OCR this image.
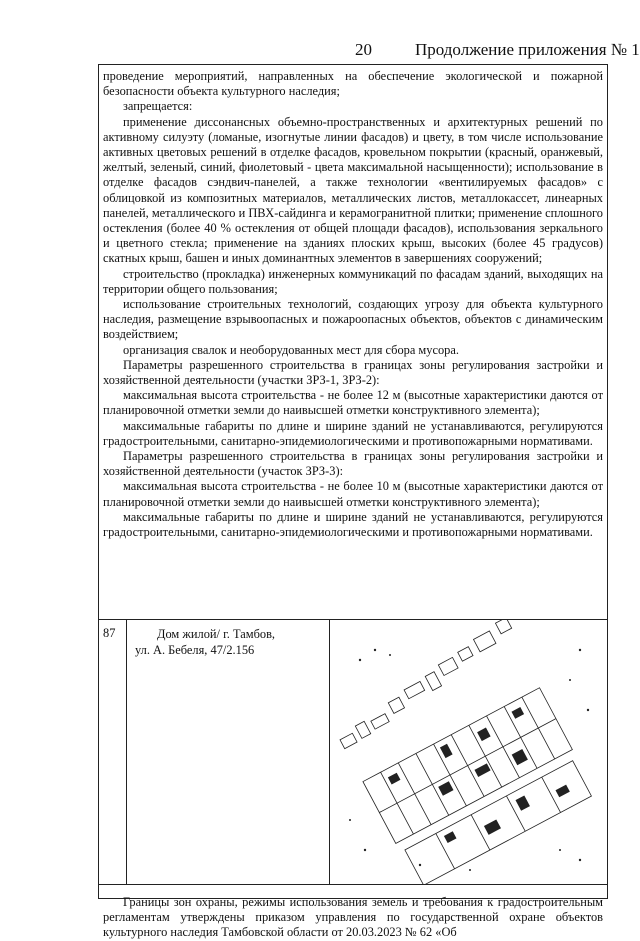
20	Продолжение приложения № 1

проведение мероприятий, направленных на обеспечение экологической и пожарной безопасности объекта культурного наследия;

запрещается:

применение диссонансных объемно-пространственных и архитектурных решений по активному силуэту (ломаные, изогнутые линии фасадов) и цвету, в том числе использование активных цветовых решений в отделке фасадов, кровельном покрытии (красный, оранжевый, желтый, зеленый, синий, фиолетовый - цвета максимальной насыщенности); использование в отделке фасадов сэндвич-панелей, а также технологии «вентилируемых фасадов» с облицовкой из композитных материалов, металлических листов, металлокассет, линеарных панелей, металлического и ПВХ-сайдинга и керамогранитной плитки; применение сплошного остекления (более 40 % остекления от общей площади фасадов), использования зеркального и цветного стекла; применение на зданиях плоских крыш, высоких (более 45 градусов) скатных крыш, башен и иных доминантных элементов в завершениях сооружений;

строительство (прокладка) инженерных коммуникаций по фасадам зданий, выходящих на территории общего пользования;

использование строительных технологий, создающих угрозу для объекта культурного наследия, размещение взрывоопасных и пожароопасных объектов, объектов с динамическим воздействием;

организация свалок и необорудованных мест для сбора мусора.

Параметры разрешенного строительства в границах зоны регулирования застройки и хозяйственной деятельности (участки ЗРЗ-1, ЗРЗ-2):

максимальная высота строительства - не более 12 м (высотные характеристики даются от планировочной отметки земли до наивысшей отметки конструктивного элемента);

максимальные габариты по длине и ширине зданий не устанавливаются, регулируются градостроительными, санитарно-эпидемиологическими и противопожарными нормативами.

Параметры разрешенного строительства в границах зоны регулирования застройки и хозяйственной деятельности (участок ЗРЗ-3):

максимальная высота строительства - не более 10 м (высотные характеристики даются от планировочной отметки земли до наивысшей отметки конструктивного элемента);

максимальные габариты по длине и ширине зданий не устанавливаются, регулируются градостроительными, санитарно-эпидемиологическими и противопожарными нормативами.

87	Дом жилой/ г. Тамбов,
ул. А. Бебеля, 47/2.156

Границы зон охраны, режимы использования земель и требования к градостроительным регламентам утверждены приказом управления по государственной охране объектов культурного наследия Тамбовской области от 20.03.2023 № 62 «Об
